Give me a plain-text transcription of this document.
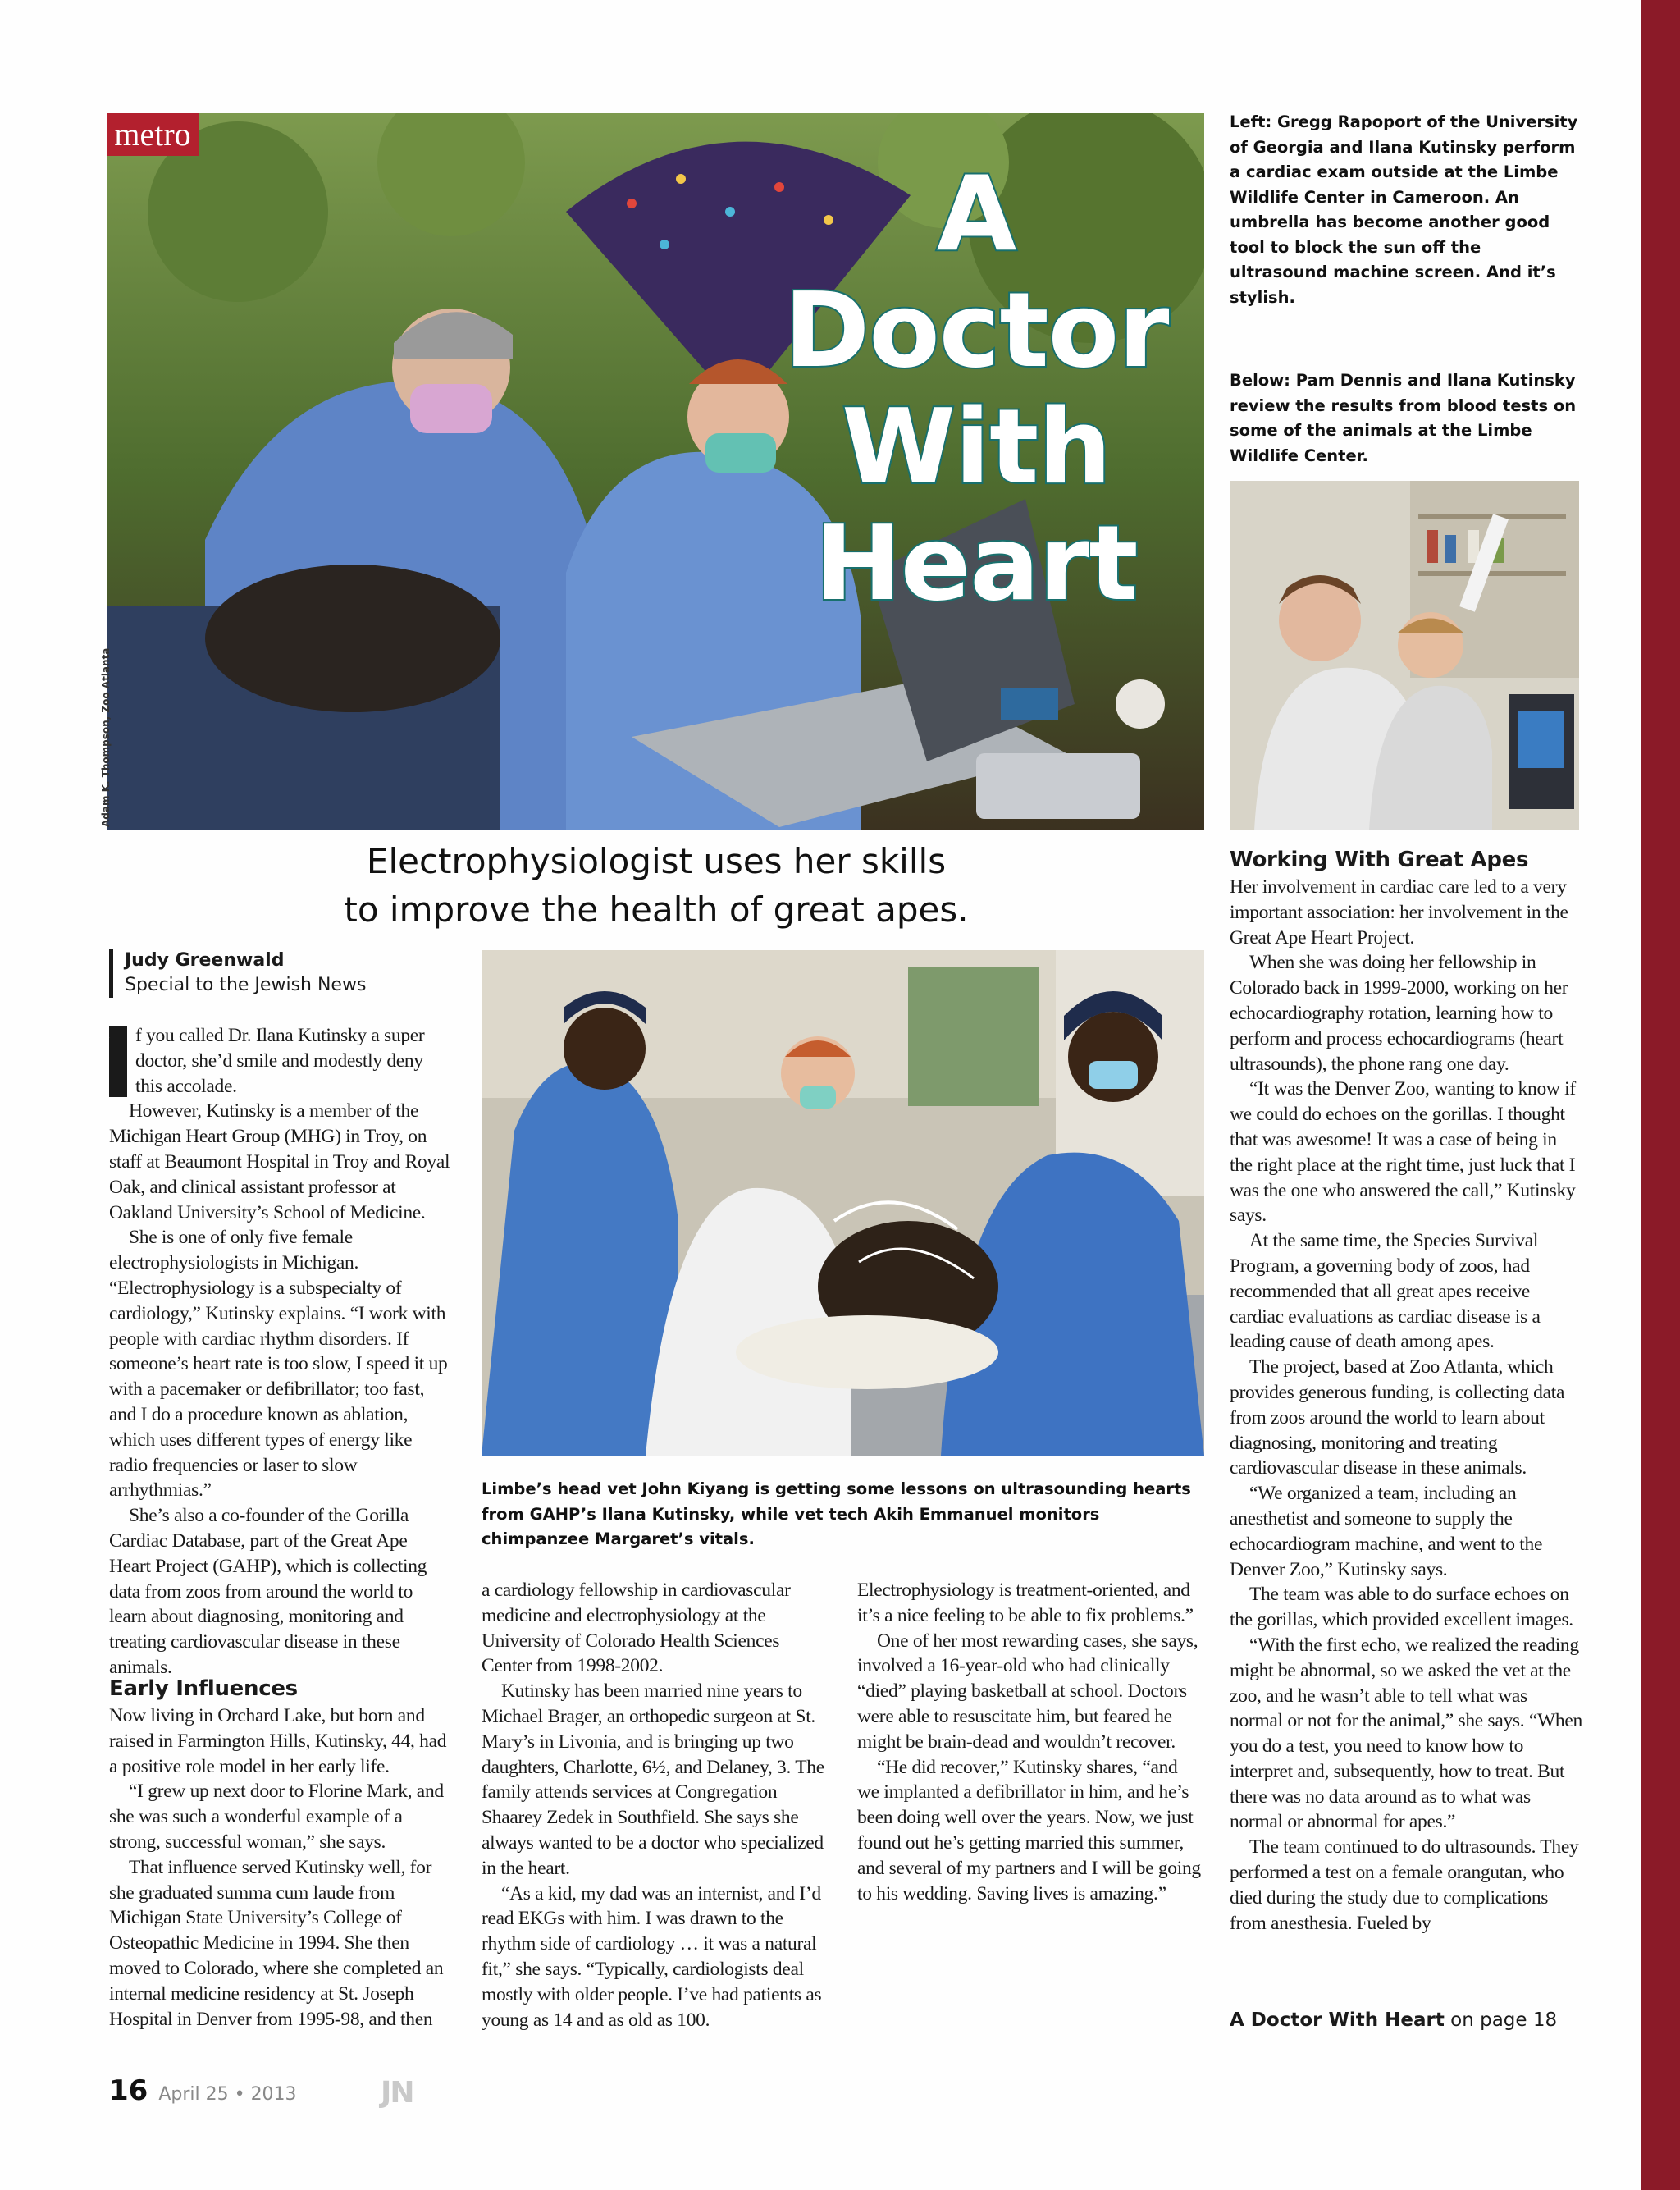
metro
A
Doctor
With
Heart
Adam K. Thompson, Zoo Atlanta

Left: Gregg Rapoport of the University of Georgia and Ilana Kutinsky perform a cardiac exam outside at the Limbe Wildlife Center in Cameroon. An umbrella has become another good tool to block the sun off the ultrasound machine screen. And it’s stylish.

Below: Pam Dennis and Ilana Kutinsky review the results from blood tests on some of the animals at the Limbe Wildlife Center.

Electrophysiologist uses her skills
to improve the health of great apes.

Judy Greenwald
Special to the Jewish News

Limbe’s head vet John Kiyang is getting some lessons on ultrasounding hearts from GAHP’s Ilana Kutinsky, while vet tech Akih Emmanuel monitors chimpanzee Margaret’s vitals.

I	f you called Dr. Ilana Kutinsky a super doctor, she’d smile and modestly deny this accolade.

However, Kutinsky is a member of the Michigan Heart Group (MHG) in Troy, on staff at Beaumont Hospital in Troy and Royal Oak, and clinical assistant professor at Oakland University’s School of Medicine.

She is one of only five female electrophysiologists in Michigan. “Electrophysiology is a subspecialty of cardiology,” Kutinsky explains. “I work with people with cardiac rhythm disorders. If someone’s heart rate is too slow, I speed it up with a pacemaker or defibrillator; too fast, and I do a procedure known as ablation, which uses different types of energy like radio frequencies or laser to slow arrhythmias.”

She’s also a co-founder of the Gorilla Cardiac Database, part of the Great Ape Heart Project (GAHP), which is collecting data from zoos from around the world to learn about diagnosing, monitoring and treating cardiovascular disease in these animals.

Early Influences

Now living in Orchard Lake, but born and raised in Farmington Hills, Kutinsky, 44, had a positive role model in her early life.

“I grew up next door to Florine Mark, and she was such a wonderful example of a strong, successful woman,” she says.

That influence served Kutinsky well, for she graduated summa cum laude from Michigan State University’s College of Osteopathic Medicine in 1994. She then moved to Colorado, where she completed an internal medicine residency at St. Joseph Hospital in Denver from 1995-98, and then

a cardiology fellowship in cardiovascular medicine and electrophysiology at the University of Colorado Health Sciences Center from 1998-2002.

Kutinsky has been married nine years to Michael Brager, an orthopedic surgeon at St. Mary’s in Livonia, and is bringing up two daughters, Charlotte, 6½, and Delaney, 3. The family attends services at Congregation Shaarey Zedek in Southfield. She says she always wanted to be a doctor who specialized in the heart.

“As a kid, my dad was an internist, and I’d read EKGs with him. I was drawn to the rhythm side of cardiology … it was a natural fit,” she says. “Typically, cardiologists deal mostly with older people. I’ve had patients as young as 14 and as old as 100.

Electrophysiology is treatment-oriented, and it’s a nice feeling to be able to fix problems.”

One of her most rewarding cases, she says, involved a 16-year-old who had clinically “died” playing basketball at school. Doctors were able to resuscitate him, but feared he might be brain-dead and wouldn’t recover.

“He did recover,” Kutinsky shares, “and we implanted a defibrillator in him, and he’s been doing well over the years. Now, we just found out he’s getting married this summer, and several of my partners and I will be going to his wedding. Saving lives is amazing.”

Working With Great Apes

Her involvement in cardiac care led to a very important association: her involvement in the Great Ape Heart Project.

When she was doing her fellowship in Colorado back in 1999-2000, working on her echocardiography rotation, learning how to perform and process echocardiograms (heart ultrasounds), the phone rang one day.

“It was the Denver Zoo, wanting to know if we could do echoes on the gorillas. I thought that was awesome! It was a case of being in the right place at the right time, just luck that I was the one who answered the call,” Kutinsky says.

At the same time, the Species Survival Program, a governing body of zoos, had recommended that all great apes receive cardiac evaluations as cardiac disease is a leading cause of death among apes.

The project, based at Zoo Atlanta, which provides generous funding, is collecting data from zoos around the world to learn about diagnosing, monitoring and treating cardiovascular disease in these animals.

“We organized a team, including an anesthetist and someone to supply the echocardiogram machine, and went to the Denver Zoo,” Kutinsky says.

The team was able to do surface echoes on the gorillas, which provided excellent images.

“With the first echo, we realized the reading might be abnormal, so we asked the vet at the zoo, and he wasn’t able to tell what was normal or not for the animal,” she says. “When you do a test, you need to know how to interpret and, subsequently, how to treat. But there was no data around as to what was normal or abnormal for apes.”

The team continued to do ultrasounds. They performed a test on a female orangutan, who died during the study due to complications from anesthesia. Fueled by

A Doctor With Heart on page 18

16 April 25 • 2013	JN
